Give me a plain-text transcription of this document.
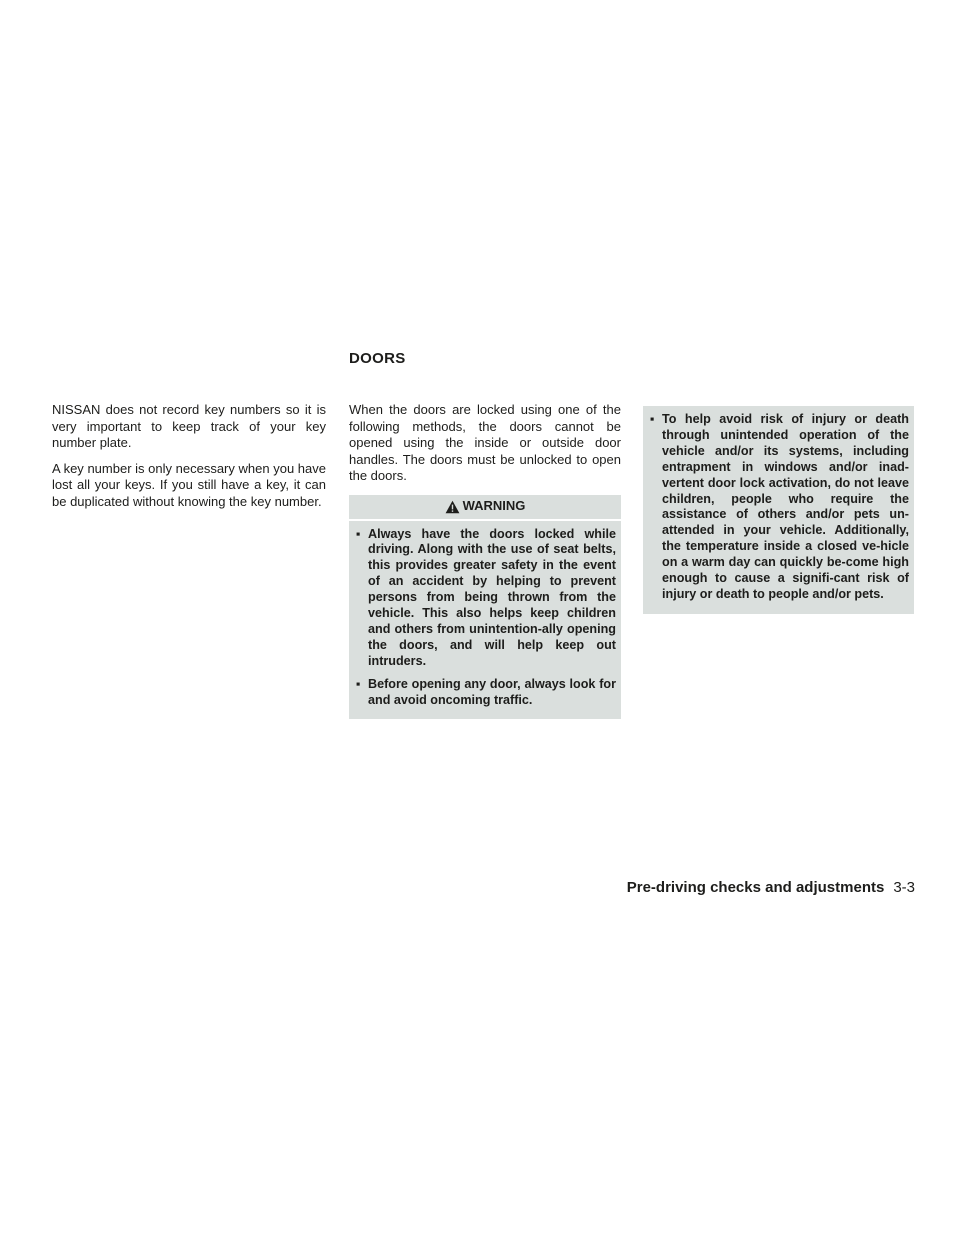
DOORS

NISSAN does not record key numbers so it is very important to keep track of your key number plate.

A key number is only necessary when you have lost all your keys. If you still have a key, it can be duplicated without knowing the key number.

When the doors are locked using one of the following methods, the doors cannot be opened using the inside or outside door handles. The doors must be unlocked to open the doors.

WARNING
▪ Always have the doors locked while driving. Along with the use of seat belts, this provides greater safety in the event of an accident by helping to prevent persons from being thrown from the vehicle. This also helps keep children and others from unintention-ally opening the doors, and will help keep out intruders.
▪ Before opening any door, always look for and avoid oncoming traffic.
▪ To help avoid risk of injury or death through unintended operation of the vehicle and/or its systems, including entrapment in windows and/or inad-vertent door lock activation, do not leave children, people who require the assistance of others and/or pets un-attended in your vehicle. Additionally, the temperature inside a closed ve-hicle on a warm day can quickly be-come high enough to cause a signifi-cant risk of injury or death to people and/or pets.
Pre-driving checks and adjustments 3-3
